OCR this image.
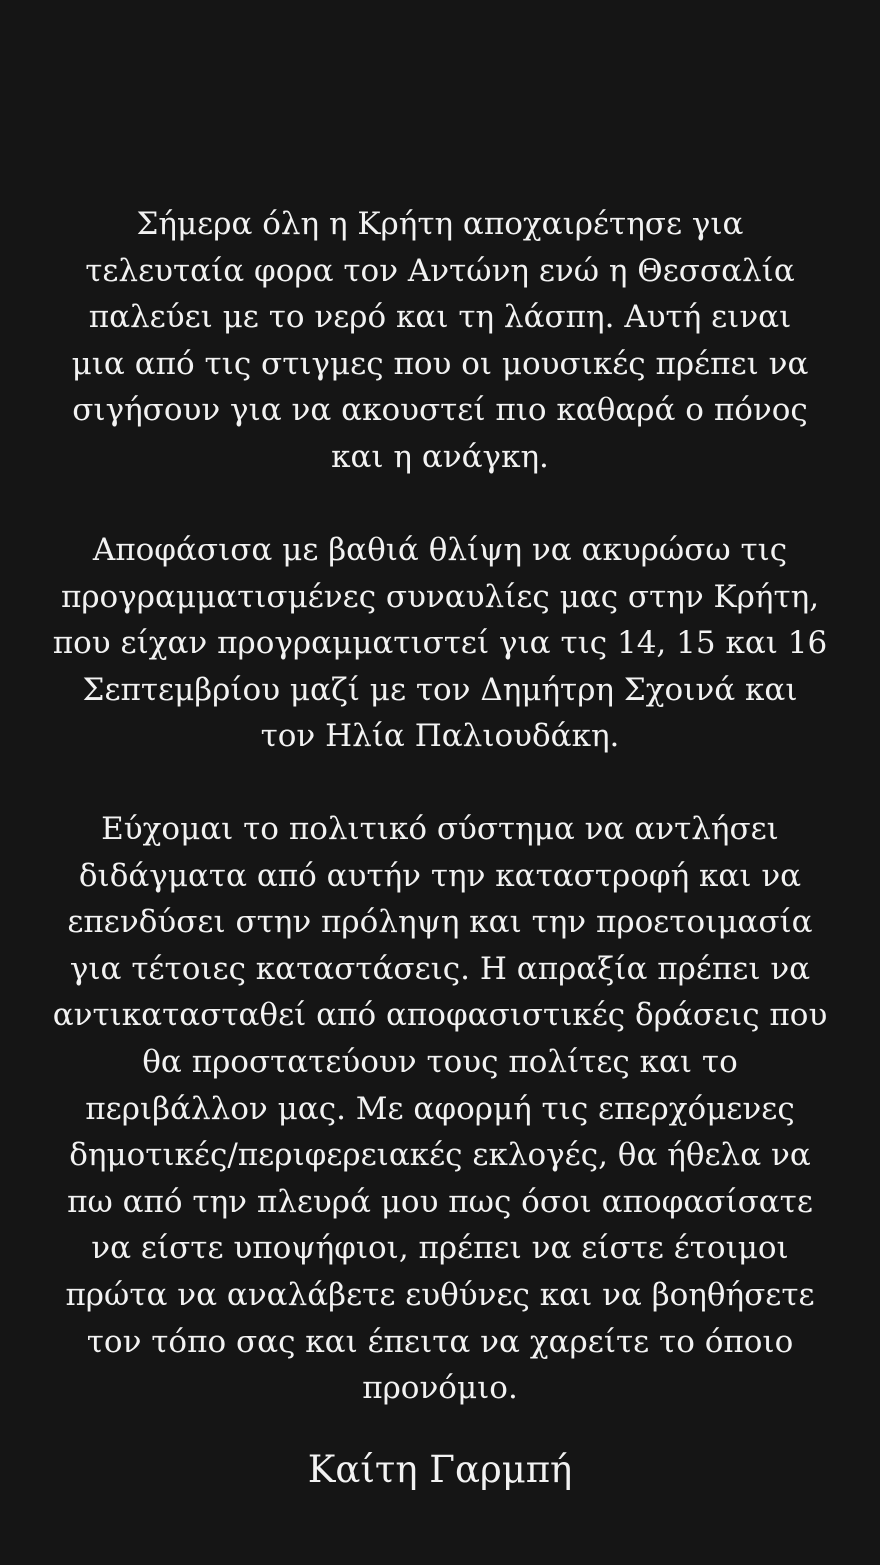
Σήμερα όλη η Κρήτη αποχαιρέτησε για
τελευταία φορα τον Αντώνη ενώ η Θεσσαλία
παλεύει με το νερό και τη λάσπη. Αυτή ειναι
μια από τις στιγμες που οι μουσικές πρέπει να
σιγήσουν για να ακουστεί πιο καθαρά ο πόνος
και η ανάγκη.
Αποφάσισα με βαθιά θλίψη να ακυρώσω τις
προγραμματισμένες συναυλίες μας στην Κρήτη,
που είχαν προγραμματιστεί για τις 14, 15 και 16
Σεπτεμβρίου μαζί με τον Δημήτρη Σχοινά και
τον Ηλία Παλιουδάκη.
Εύχομαι το πολιτικό σύστημα να αντλήσει
διδάγματα από αυτήν την καταστροφή και να
επενδύσει στην πρόληψη και την προετοιμασία
για τέτοιες καταστάσεις. Η απραξία πρέπει να
αντικατασταθεί από αποφασιστικές δράσεις που
θα προστατεύουν τους πολίτες και το
περιβάλλον μας. Με αφορμή τις επερχόμενες
δημοτικές/περιφερειακές εκλογές, θα ήθελα να
πω από την πλευρά μου πως όσοι αποφασίσατε
να είστε υποψήφιοι, πρέπει να είστε έτοιμοι
πρώτα να αναλάβετε ευθύνες και να βοηθήσετε
τον τόπο σας και έπειτα να χαρείτε το όποιο
προνόμιο.
Καίτη Γαρμπή
